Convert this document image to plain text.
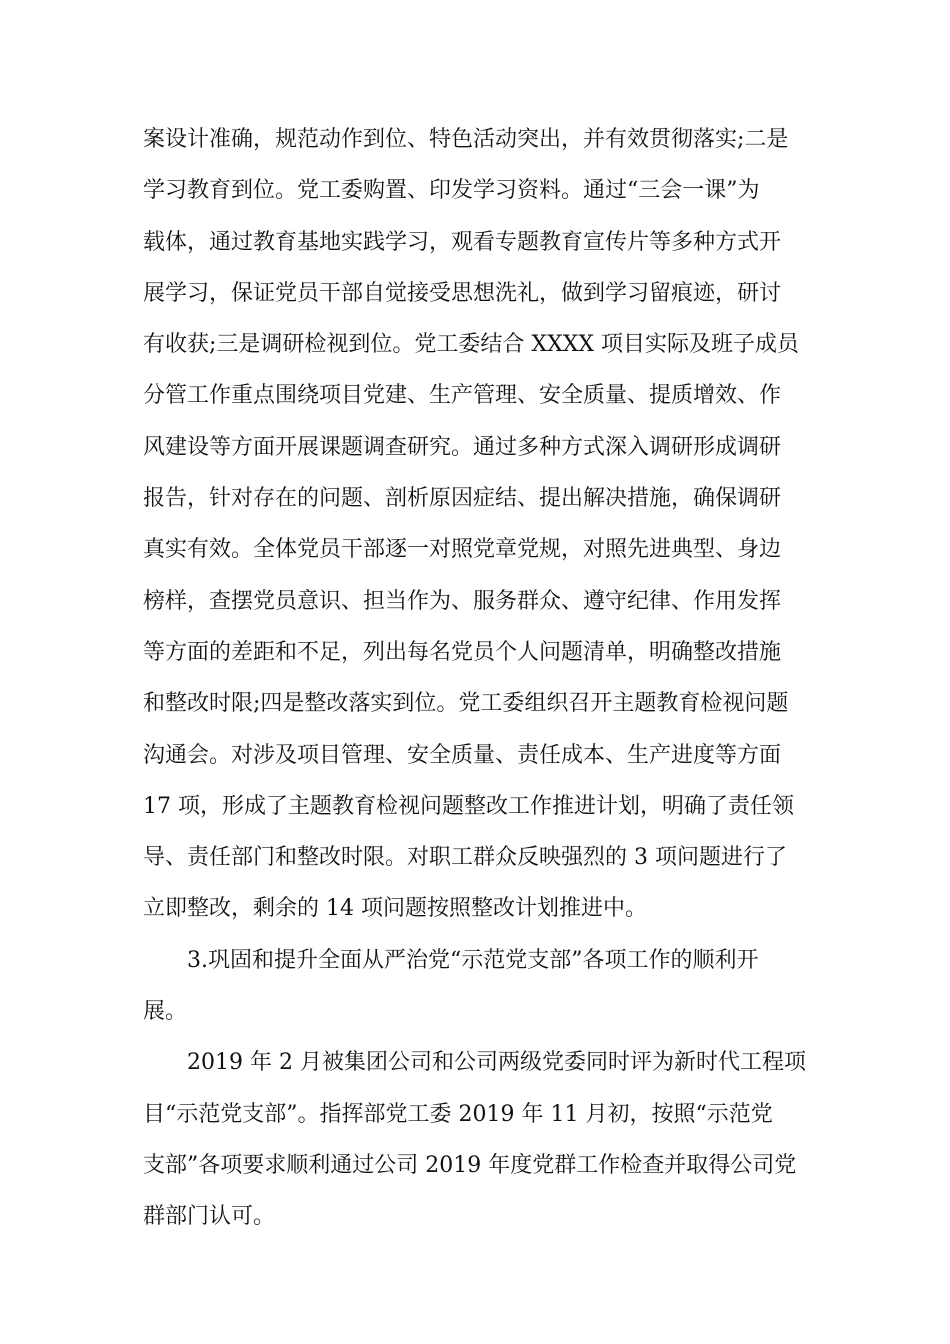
案设计准确，规范动作到位、特色活动突出，并有效贯彻落实;二是
学习教育到位。党工委购置、印发学习资料。通过“三会一课”为
载体，通过教育基地实践学习，观看专题教育宣传片等多种方式开
展学习，保证党员干部自觉接受思想洗礼，做到学习留痕迹，研讨
有收获;三是调研检视到位。党工委结合 XXXX 项目实际及班子成员
分管工作重点围绕项目党建、生产管理、安全质量、提质增效、作
风建设等方面开展课题调查研究。通过多种方式深入调研形成调研
报告，针对存在的问题、剖析原因症结、提出解决措施，确保调研
真实有效。全体党员干部逐一对照党章党规，对照先进典型、身边
榜样，查摆党员意识、担当作为、服务群众、遵守纪律、作用发挥
等方面的差距和不足，列出每名党员个人问题清单，明确整改措施
和整改时限;四是整改落实到位。党工委组织召开主题教育检视问题
沟通会。对涉及项目管理、安全质量、责任成本、生产进度等方面
17 项，形成了主题教育检视问题整改工作推进计划，明确了责任领
导、责任部门和整改时限。对职工群众反映强烈的 3 项问题进行了
立即整改，剩余的 14 项问题按照整改计划推进中。
3.巩固和提升全面从严治党“示范党支部”各项工作的顺利开
展。
2019 年 2 月被集团公司和公司两级党委同时评为新时代工程项
目“示范党支部”。指挥部党工委 2019 年 11 月初，按照“示范党
支部”各项要求顺利通过公司 2019 年度党群工作检查并取得公司党
群部门认可。
